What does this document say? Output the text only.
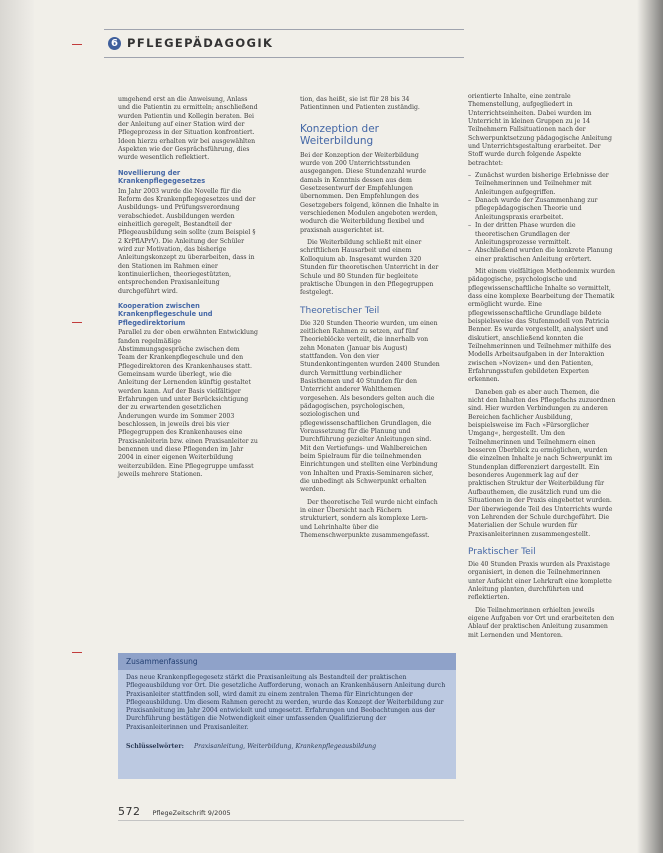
6 PFLEGEPÄDAGOGIK

umgehend erst an die Anweisung, Anlass und die Patientin zu ermitteln; anschließend wurden Patientin und Kollegin beraten. Bei der Anleitung auf einer Station wird der Pflegeprozess in der Situation konfrontiert. Ideen hierzu erhalten wir bei ausgewählten Aspekten wie der Gesprächsführung, dies wurde wesentlich reflektiert.

Novellierung der Krankenpflegegesetzes

Im Jahr 2003 wurde die Novelle für die Reform des Krankenpflegegesetzes und der Ausbildungs- und Prüfungsverordnung verabschiedet. Ausbildungen werden einheitlich geregelt, Bestandteil der Pflegeausbildung sein sollte (zum Beispiel § 2 KrPflAPrV). Die Anleitung der Schüler wird zur Motivation, das bisherige Anleitungskonzept zu überarbeiten, dass in den Stationen im Rahmen einer kontinuierlichen, theoriegestützten, entsprechenden Praxisanleitung durchgeführt wird.

Kooperation zwischen Krankenpflegeschule und Pflegedirektorium

Parallel zu der oben erwähnten Entwicklung fanden regelmäßige Abstimmungsgespräche zwischen dem Team der Krankenpflegeschule und den Pflegedirektoren des Krankenhauses statt. Gemeinsam wurde überlegt, wie die Anleitung der Lernenden künftig gestaltet werden kann. Auf der Basis vielfältiger Erfahrungen und unter Berücksichtigung der zu erwartenden gesetzlichen Änderungen wurde im Sommer 2003 beschlossen, in jeweils drei bis vier Pflegegruppen des Krankenhauses eine Praxisanleiterin bzw. einen Praxisanleiter zu benennen und diese Pflegenden im Jahr 2004 in einer eigenen Weiterbildung weiterzubilden. Eine Pflegegruppe umfasst jeweils mehrere Stationen.

tion, das heißt, sie ist für 28 bis 34 Patientinnen und Patienten zuständig.

Konzeption der Weiterbildung

Bei der Konzeption der Weiterbildung wurde von 200 Unterrichtsstunden ausgegangen. Diese Stundenzahl wurde damals in Kenntnis dessen aus dem Gesetzesentwurf der Empfehlungen übernommen. Den Empfehlungen des Gesetzgebers folgend, können die Inhalte in verschiedenen Modulen angeboten werden, wodurch die Weiterbildung flexibel und praxisnah ausgerichtet ist.

Die Weiterbildung schließt mit einer schriftlichen Hausarbeit und einem Kolloquium ab. Insgesamt wurden 320 Stunden für theoretischen Unterricht in der Schule und 80 Stunden für begleitete praktische Übungen in den Pflegegruppen festgelegt.

Theoretischer Teil

Die 320 Stunden Theorie wurden, um einen zeitlichen Rahmen zu setzen, auf fünf Theorieblöcke verteilt, die innerhalb von zehn Monaten (Januar bis August) stattfanden. Von den vier Stundenkontingenten wurden 2400 Stunden durch Vermittlung verbindlicher Basisthemen und 40 Stunden für den Unterricht anderer Wahlthemen vorgesehen. Als besonders gelten auch die pädagogischen, psychologischen, soziologischen und pflegewissenschaftlichen Grundlagen, die Voraussetzung für die Planung und Durchführung gezielter Anleitungen sind. Mit den Vertiefungs- und Wahlbereichen beim Spielraum für die teilnehmenden Einrichtungen und stellten eine Verbindung von Inhalten und Praxis-Seminaren sicher, die unbedingt als Schwerpunkt erhalten werden.

Der theoretische Teil wurde nicht einfach in einer Übersicht nach Fächern strukturiert, sondern als komplexe Lern- und Lehrinhalte über die Themenschwerpunkte zusammengefasst.

orientierte Inhalte, eine zentrale Themenstellung, aufgegliedert in Unterrichtseinheiten. Dabei wurden im Unterricht in kleinen Gruppen zu je 14 Teilnehmern Fallsituationen nach der Schwerpunktsetzung pädagogische Anleitung und Unterrichtsgestaltung erarbeitet. Der Stoff wurde durch folgende Aspekte betrachtet:

– Zunächst wurden bisherige Erlebnisse der Teilnehmerinnen und Teilnehmer mit Anleitungen aufgegriffen.
– Danach wurde der Zusammenhang zur pflegepädagogischen Theorie und Anleitungspraxis erarbeitet.
– In der dritten Phase wurden die theoretischen Grundlagen der Anleitungsprozesse vermittelt.
– Abschließend wurden die konkrete Planung einer praktischen Anleitung erörtert.

Mit einem vielfältigen Methodenmix wurden pädagogische, psychologische und pflegewissenschaftliche Inhalte so vermittelt, dass eine komplexe Bearbeitung der Thematik ermöglicht wurde. Eine pflegewissenschaftliche Grundlage bildete beispielsweise das Stufenmodell von Patricia Benner. Es wurde vorgestellt, analysiert und diskutiert, anschließend konnten die Teilnehmerinnen und Teilnehmer mithilfe des Modells Arbeitsaufgaben in der Interaktion zwischen »Novizen« und den Patienten, Erfahrungsstufen gebildeten Experten erkennen.

Daneben gab es aber auch Themen, die nicht den Inhalten des Pflegefachs zuzuordnen sind. Hier wurden Verbindungen zu anderen Bereichen fachlicher Ausbildung, beispielsweise im Fach »Fürsorglicher Umgang«, hergestellt. Um den Teilnehmerinnen und Teilnehmern einen besseren Überblick zu ermöglichen, wurden die einzelnen Inhalte je nach Schwerpunkt im Stundenplan differenziert dargestellt. Ein besonderes Augenmerk lag auf der praktischen Struktur der Weiterbildung für Aufbauthemen, die zusätzlich rund um die Situationen in der Praxis eingebettet wurden. Der überwiegende Teil des Unterrichts wurde von Lehrenden der Schule durchgeführt. Die Materialien der Schule wurden für Praxisanleiterinnen zusammengestellt.

Praktischer Teil

Die 40 Stunden Praxis wurden als Praxistage organisiert, in denen die Teilnehmerinnen unter Aufsicht einer Lehrkraft eine komplette Anleitung planten, durchführten und reflektierten.

Die Teilnehmerinnen erhielten jeweils eigene Aufgaben vor Ort und erarbeiteten den Ablauf der praktischen Anleitung zusammen mit Lernenden und Mentoren.

Zusammenfassung
Das neue Krankenpflegegesetz stärkt die Praxisanleitung als Bestandteil der praktischen Pflegeausbildung vor Ort. Die gesetzliche Aufforderung, wonach an Krankenhäusern Anleitung durch Praxisanleiter stattfinden soll, wird damit zu einem zentralen Thema für Einrichtungen der Pflegeausbildung. Um diesem Rahmen gerecht zu werden, wurde das Konzept der Weiterbildung zur Praxisanleitung im Jahr 2004 entwickelt und umgesetzt. Erfahrungen und Beobachtungen aus der Durchführung bestätigen die Notwendigkeit einer umfassenden Qualifizierung der Praxisanleiterinnen und Praxisanleiter.
Schlüsselwörter:	Praxisanleitung, Weiterbildung, Krankenpflegeausbildung
572 PflegeZeitschrift 9/2005
